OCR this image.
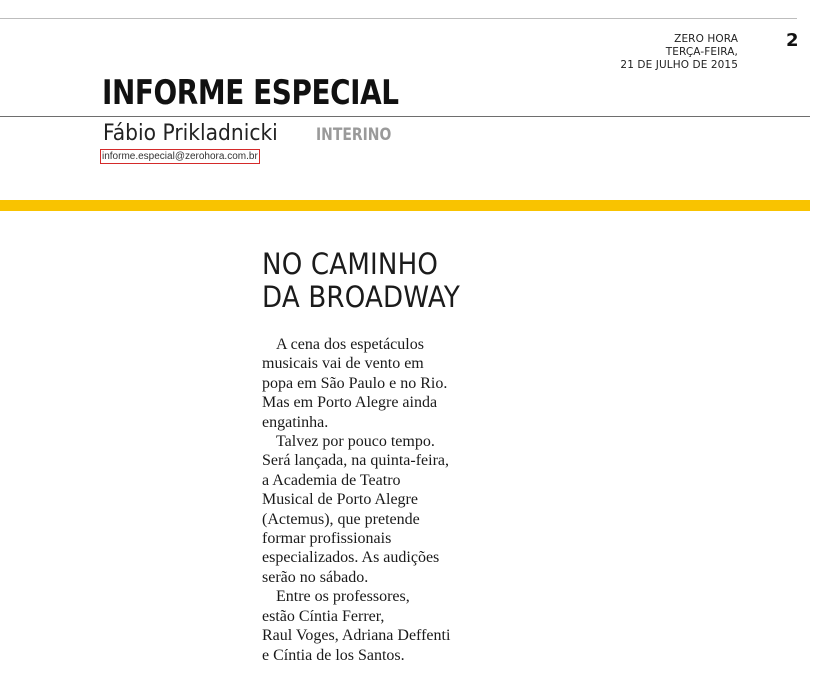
ZERO HORA
TERÇA-FEIRA,
21 DE JULHO DE 2015
2
INFORME ESPECIAL
Fábio Prikladnicki INTERINO
informe.especial@zerohora.com.br
NO CAMINHO
DA BROADWAY
A cena dos espetáculos
musicais vai de vento em
popa em São Paulo e no Rio.
Mas em Porto Alegre ainda
engatinha.
Talvez por pouco tempo.
Será lançada, na quinta-feira,
a Academia de Teatro
Musical de Porto Alegre
(Actemus), que pretende
formar profissionais
especializados. As audições
serão no sábado.
Entre os professores,
estão Cíntia Ferrer,
Raul Voges, Adriana Deffenti
e Cíntia de los Santos.
